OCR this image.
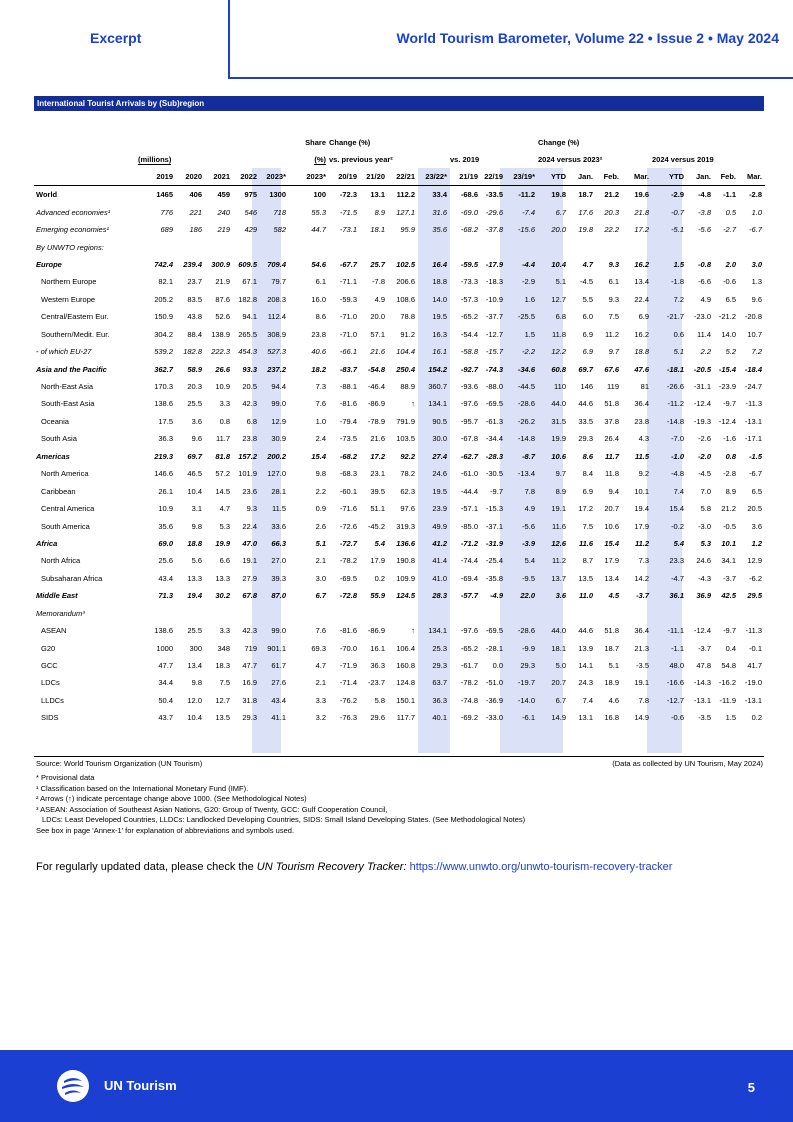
Excerpt	World Tourism Barometer, Volume 22 • Issue 2 • May 2024
International Tourist Arrivals by (Sub)region
						Share	Change (%)							Change (%)							
	(millions)					(%)	vs. previous year²				vs. 2019			2024 versus 2023²				2024 versus 2019			
	2019	2020	2021	2022	2023*	2023*	20/19	21/20	22/21	23/22*	21/19	22/19	23/19*	YTD	Jan.	Feb.	Mar.	YTD	Jan.	Feb.	Mar.
World	1465	406	459	975	1300	100	-72.3	13.1	112.2	33.4	-68.6	-33.5	-11.2	19.8	18.7	21.2	19.6	-2.9	-4.8	-1.1	-2.8
Advanced economies¹	776	221	240	546	718	55.3	-71.5	8.9	127.1	31.6	-69.0	-29.6	-7.4	6.7	17.6	20.3	21.8	-0.7	-3.8	0.5	1.0
Emerging economies¹	689	186	219	429	582	44.7	-73.1	18.1	95.9	35.6	-68.2	-37.8	-15.6	20.0	19.8	22.2	17.2	-5.1	-5.6	-2.7	-6.7
By UNWTO regions:																					
Europe	742.4	239.4	300.9	609.5	709.4	54.6	-67.7	25.7	102.5	16.4	-59.5	-17.9	-4.4	10.4	4.7	9.3	16.2	1.5	-0.8	2.0	3.0
Northern Europe	82.1	23.7	21.9	67.1	79.7	6.1	-71.1	-7.8	206.6	18.8	-73.3	-18.3	-2.9	5.1	-4.5	6.1	13.4	-1.8	-6.6	-0.6	1.3
Western Europe	205.2	83.5	87.6	182.8	208.3	16.0	-59.3	4.9	108.6	14.0	-57.3	-10.9	1.6	12.7	5.5	9.3	22.4	7.2	4.9	6.5	9.6
Central/Eastern Eur.	150.9	43.8	52.6	94.1	112.4	8.6	-71.0	20.0	78.8	19.5	-65.2	-37.7	-25.5	6.8	6.0	7.5	6.9	-21.7	-23.0	-21.2	-20.8
Southern/Medit. Eur.	304.2	88.4	138.9	265.5	308.9	23.8	-71.0	57.1	91.2	16.3	-54.4	-12.7	1.5	11.8	6.9	11.2	16.2	0.6	11.4	14.0	10.7
- of which EU-27	539.2	182.8	222.3	454.3	527.3	40.6	-66.1	21.6	104.4	16.1	-58.8	-15.7	-2.2	12.2	6.9	9.7	18.8	5.1	2.2	5.2	7.2
Asia and the Pacific	362.7	58.9	26.6	93.3	237.2	18.2	-83.7	-54.8	250.4	154.2	-92.7	-74.3	-34.6	60.8	69.7	67.6	47.6	-18.1	-20.5	-15.4	-18.4
North-East Asia	170.3	20.3	10.9	20.5	94.4	7.3	-88.1	-46.4	88.9	360.7	-93.6	-88.0	-44.5	110	146	119	81	-26.6	-31.1	-23.9	-24.7
South-East Asia	138.6	25.5	3.3	42.3	99.0	7.6	-81.6	-86.9	↑	134.1	-97.6	-69.5	-28.6	44.0	44.6	51.8	36.4	-11.2	-12.4	-9.7	-11.3
Oceania	17.5	3.6	0.8	6.8	12.9	1.0	-79.4	-78.9	791.9	90.5	-95.7	-61.3	-26.2	31.5	33.5	37.8	23.8	-14.8	-19.3	-12.4	-13.1
South Asia	36.3	9.6	11.7	23.8	30.9	2.4	-73.5	21.6	103.5	30.0	-67.8	-34.4	-14.8	19.9	29.3	26.4	4.3	-7.0	-2.6	-1.6	-17.1
Americas	219.3	69.7	81.8	157.2	200.2	15.4	-68.2	17.2	92.2	27.4	-62.7	-28.3	-8.7	10.6	8.6	11.7	11.5	-1.0	-2.0	0.8	-1.5
North America	146.6	46.5	57.2	101.9	127.0	9.8	-68.3	23.1	78.2	24.6	-61.0	-30.5	-13.4	9.7	8.4	11.8	9.2	-4.8	-4.5	-2.8	-6.7
Caribbean	26.1	10.4	14.5	23.6	28.1	2.2	-60.1	39.5	62.3	19.5	-44.4	-9.7	7.8	8.9	6.9	9.4	10.1	7.4	7.0	8.9	6.5
Central America	10.9	3.1	4.7	9.3	11.5	0.9	-71.6	51.1	97.6	23.9	-57.1	-15.3	4.9	19.1	17.2	20.7	19.4	15.4	5.8	21.2	20.5
South America	35.6	9.8	5.3	22.4	33.6	2.6	-72.6	-45.2	319.3	49.9	-85.0	-37.1	-5.6	11.6	7.5	10.6	17.9	-0.2	-3.0	-0.5	3.6
Africa	69.0	18.8	19.9	47.0	66.3	5.1	-72.7	5.4	136.6	41.2	-71.2	-31.9	-3.9	12.6	11.6	15.4	11.2	5.4	5.3	10.1	1.2
North Africa	25.6	5.6	6.6	19.1	27.0	2.1	-78.2	17.9	190.8	41.4	-74.4	-25.4	5.4	11.2	8.7	17.9	7.3	23.3	24.6	34.1	12.9
Subsaharan Africa	43.4	13.3	13.3	27.9	39.3	3.0	-69.5	0.2	109.9	41.0	-69.4	-35.8	-9.5	13.7	13.5	13.4	14.2	-4.7	-4.3	-3.7	-6.2
Middle East	71.3	19.4	30.2	67.8	87.0	6.7	-72.8	55.9	124.5	28.3	-57.7	-4.9	22.0	3.6	11.0	4.5	-3.7	36.1	36.9	42.5	29.5
Memorandum³																					
ASEAN	138.6	25.5	3.3	42.3	99.0	7.6	-81.6	-86.9	↑	134.1	-97.6	-69.5	-28.6	44.0	44.6	51.8	36.4	-11.1	-12.4	-9.7	-11.3
G20	1000	300	348	719	901.1	69.3	-70.0	16.1	106.4	25.3	-65.2	-28.1	-9.9	18.1	13.9	18.7	21.3	-1.1	-3.7	0.4	-0.1
GCC	47.7	13.4	18.3	47.7	61.7	4.7	-71.9	36.3	160.8	29.3	-61.7	0.0	29.3	5.0	14.1	5.1	-3.5	48.0	47.8	54.8	41.7
LDCs	34.4	9.8	7.5	16.9	27.6	2.1	-71.4	-23.7	124.8	63.7	-78.2	-51.0	-19.7	20.7	24.3	18.9	19.1	-16.6	-14.3	-16.2	-19.0
LLDCs	50.4	12.0	12.7	31.8	43.4	3.3	-76.2	5.8	150.1	36.3	-74.8	-36.9	-14.0	6.7	7.4	4.6	7.8	-12.7	-13.1	-11.9	-13.1
SIDS	43.7	10.4	13.5	29.3	41.1	3.2	-76.3	29.6	117.7	40.1	-69.2	-33.0	-6.1	14.9	13.1	16.8	14.9	-0.6	-3.5	1.5	0.2
Source: World Tourism Organization (UN Tourism)	(Data as collected by UN Tourism, May 2024)
* Provisional data
¹ Classification based on the International Monetary Fund (IMF).
² Arrows (↑) indicate percentage change above 1000. (See Methodological Notes)
³ ASEAN: Association of Southeast Asian Nations, G20: Group of Twenty, GCC: Gulf Cooperation Council,
LDCs: Least Developed Countries, LLDCs: Landlocked Developing Countries, SIDS: Small Island Developing States. (See Methodological Notes)
See box in page 'Annex-1' for explanation of abbreviations and symbols used.
For regularly updated data, please check the UN Tourism Recovery Tracker: https://www.unwto.org/unwto-tourism-recovery-tracker
UN Tourism	5
